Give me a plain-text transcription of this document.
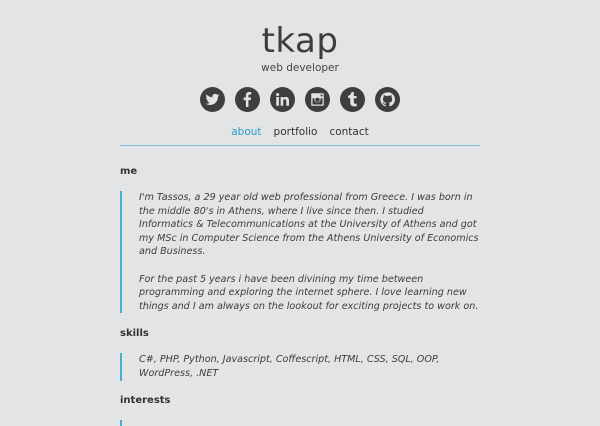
tkap
web developer
about portfolio contact
me

I'm Tassos, a 29 year old web professional from Greece. I was born in the middle 80's in Athens, where I live since then. I studied Informatics & Telecommunications at the University of Athens and got my MSc in Computer Science from the Athens University of Economics and Business.

For the past 5 years i have been divining my time between programming and exploring the internet sphere. I love learning new things and I am always on the lookout for exciting projects to work on.

skills

C#, PHP, Python, Javascript, Coffescript, HTML, CSS, SQL, OOP, WordPress, .NET

interests
